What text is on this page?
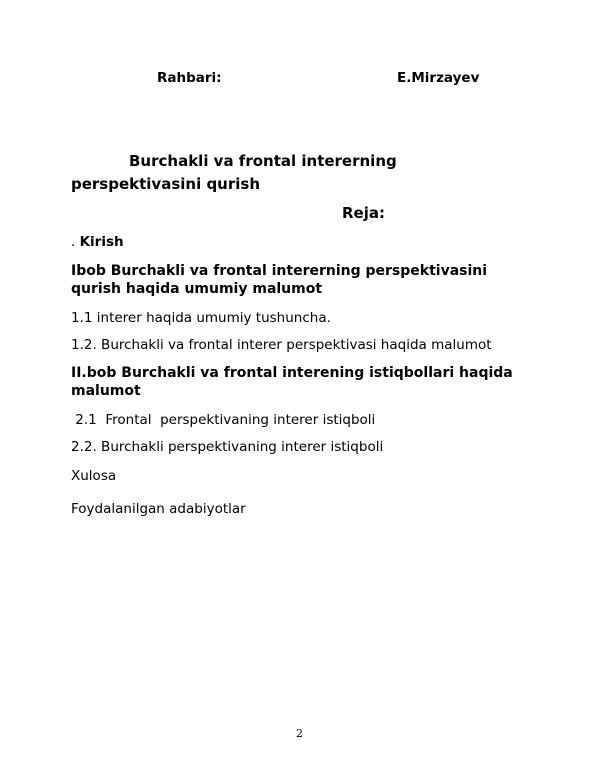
Rahbari:	E.Mirzayev
Burchakli va frontal intererning
perspektivasini qurish
Reja:
. Kirish
Ibob Burchakli va frontal intererning perspektivasini
qurish haqida umumiy malumot
1.1 interer haqida umumiy tushuncha.
1.2. Burchakli va frontal interer perspektivasi haqida malumot
II.bob Burchakli va frontal interening istiqbollari haqida
malumot
2.1  Frontal  perspektivaning interer istiqboli
2.2. Burchakli perspektivaning interer istiqboli
Xulosa
Foydalanilgan adabiyotlar
2
